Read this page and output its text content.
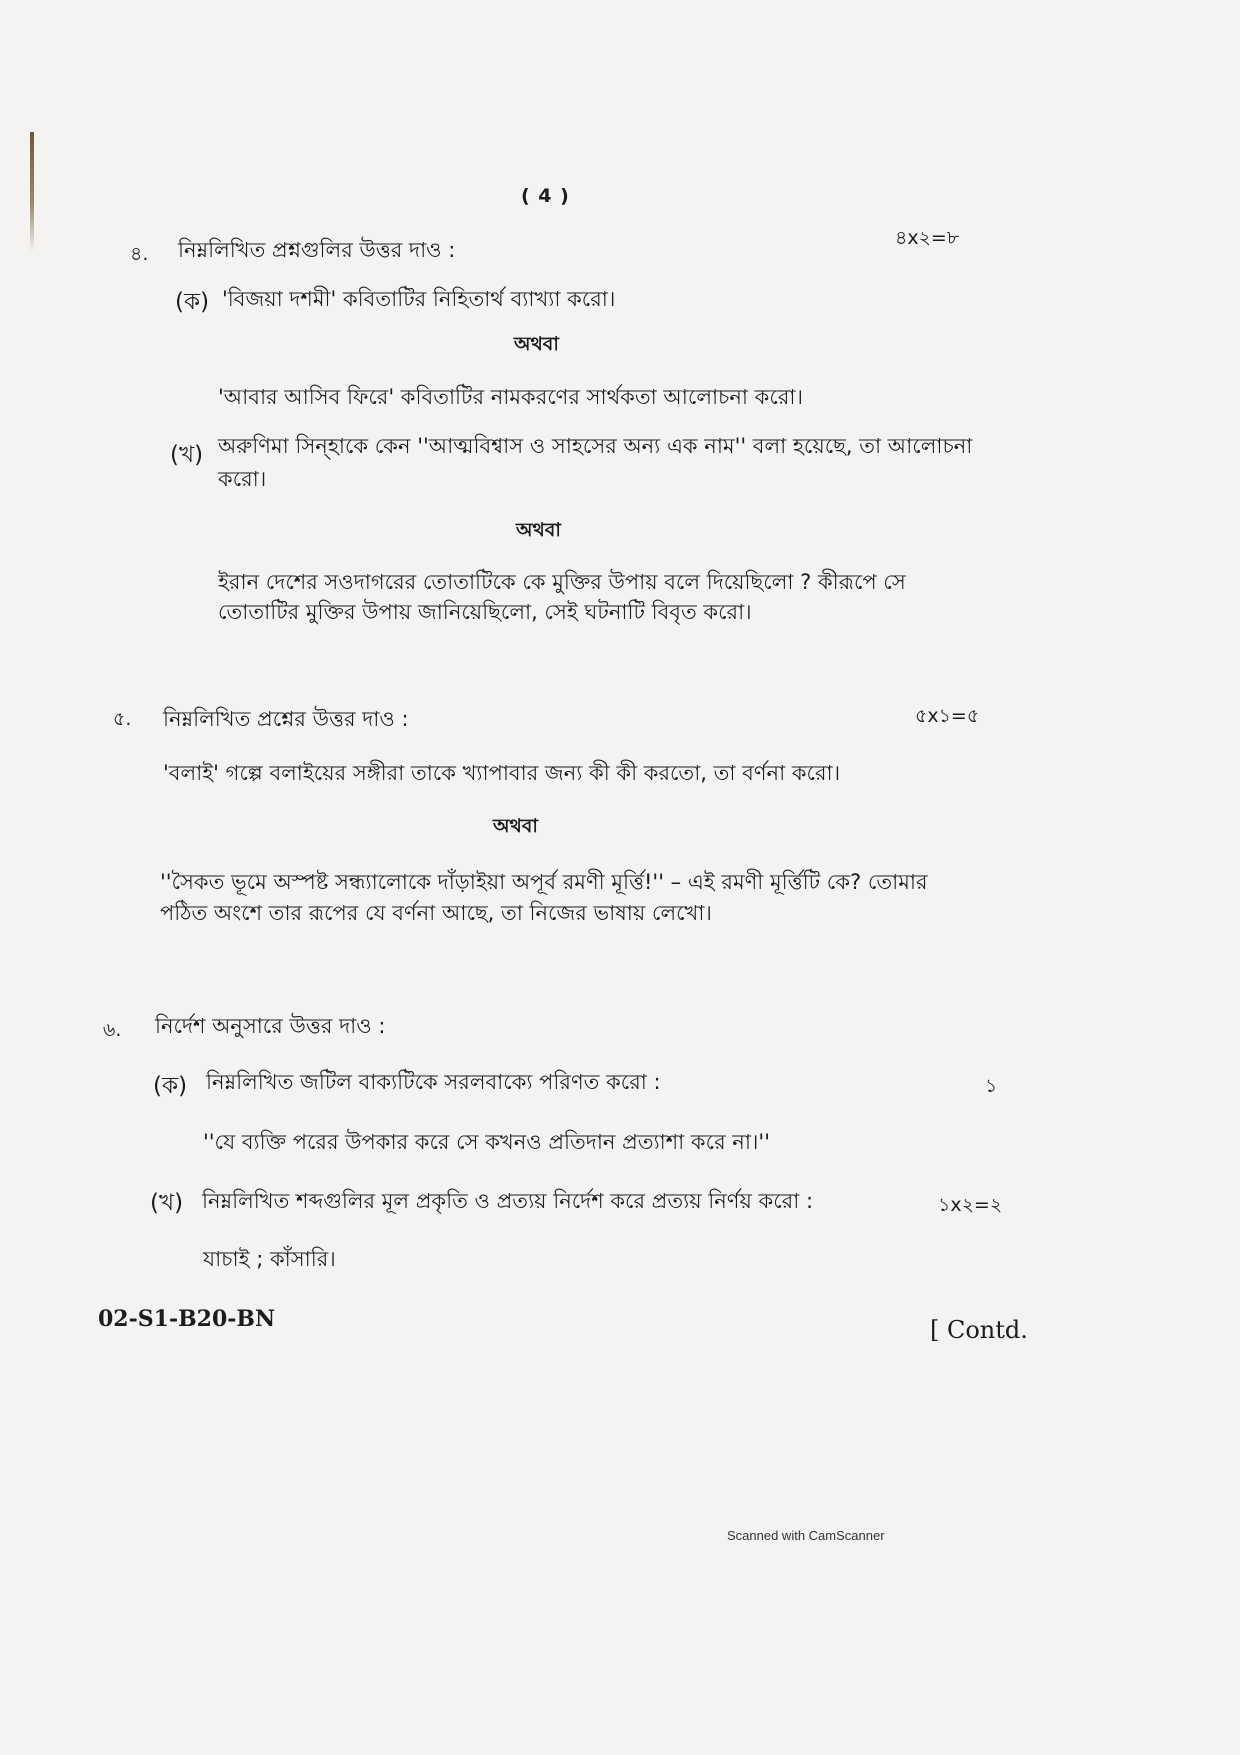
( 4 )
৪. নিম্নলিখিত প্রশ্নগুলির উত্তর দাও :	৪x২=৮
(ক) 'বিজয়া দশমী' কবিতাটির নিহিতার্থ ব্যাখ্যা করো।
অথবা
'আবার আসিব ফিরে' কবিতাটির নামকরণের সার্থকতা আলোচনা করো।
(খ) অরুণিমা সিন্‌হাকে কেন ''আত্মবিশ্বাস ও সাহসের অন্য এক নাম'' বলা হয়েছে, তা আলোচনা
করো।
অথবা
ইরান দেশের সওদাগরের তোতাটিকে কে মুক্তির উপায় বলে দিয়েছিলো ? কীরূপে সে
তোতাটির মুক্তির উপায় জানিয়েছিলো, সেই ঘটনাটি বিবৃত করো।
৫. নিম্নলিখিত প্রশ্নের উত্তর দাও :	৫x১=৫
'বলাই' গল্পে বলাইয়ের সঙ্গীরা তাকে খ্যাপাবার জন্য কী কী করতো, তা বর্ণনা করো।
অথবা
''সৈকত ভূমে অস্পষ্ট সন্ধ্যালোকে দাঁড়াইয়া অপূর্ব রমণী মূর্ত্তি!'' – এই রমণী মূর্ত্তিটি কে? তোমার
পঠিত অংশে তার রূপের যে বর্ণনা আছে, তা নিজের ভাষায় লেখো।
৬. নির্দেশ অনুসারে উত্তর দাও :
(ক) নিম্নলিখিত জটিল বাক্যটিকে সরলবাক্যে পরিণত করো :	১
''যে ব্যক্তি পরের উপকার করে সে কখনও প্রতিদান প্রত্যাশা করে না।''
(খ) নিম্নলিখিত শব্দগুলির মূল প্রকৃতি ও প্রত্যয় নির্দেশ করে প্রত্যয় নির্ণয় করো :	১x২=২
যাচাই ; কাঁসারি।
02-S1-B20-BN	[ Contd.
Scanned with CamScanner
